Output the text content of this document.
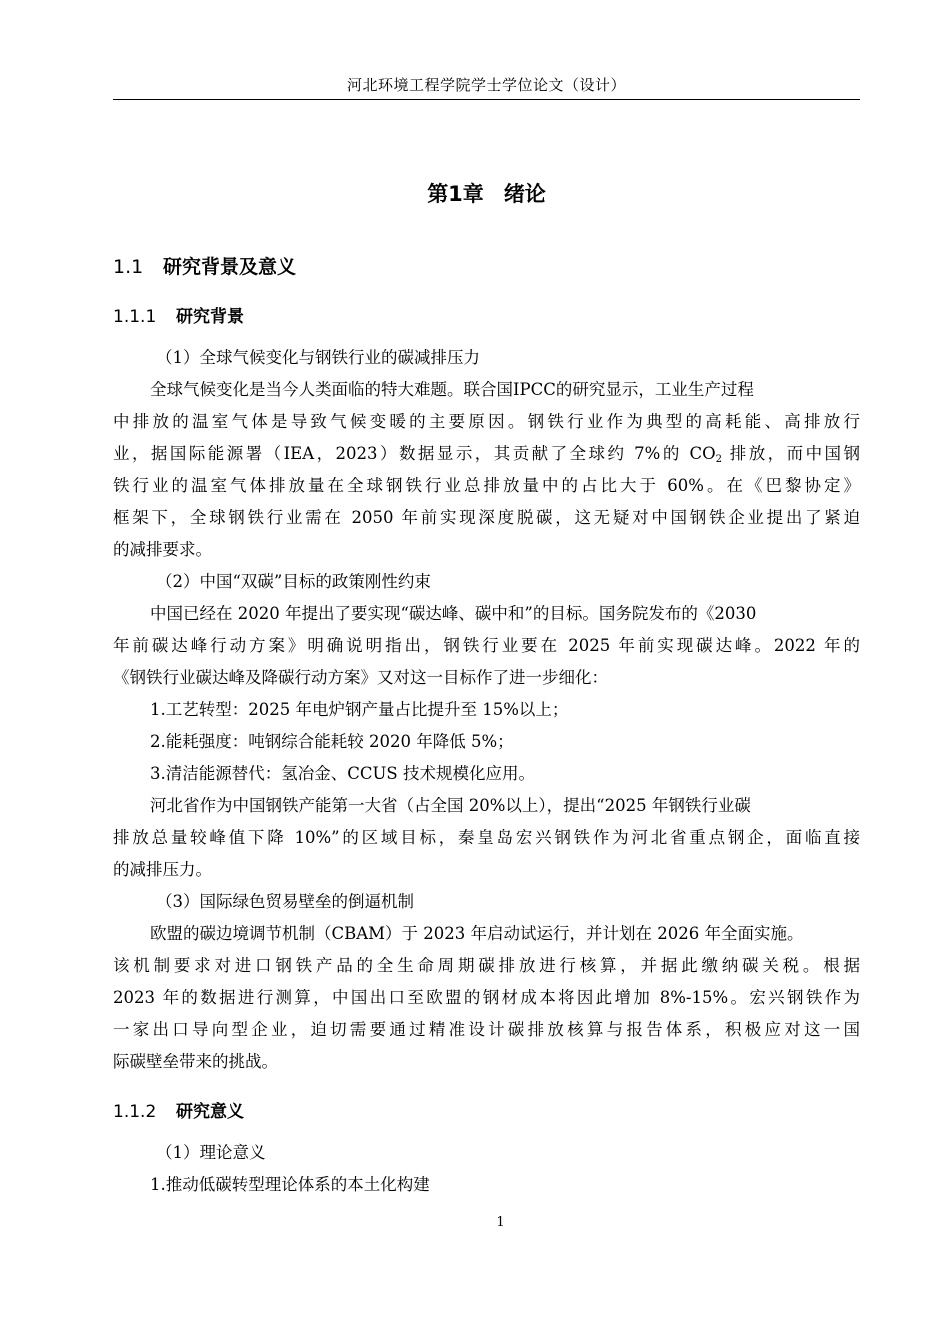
河北环境工程学院学士学位论文（设计）
第1章 绪论
1.1 研究背景及意义
1.1.1 研究背景
（1）全球气候变化与钢铁行业的碳减排压力
全球气候变化是当今人类面临的特大难题。联合国IPCC的研究显示，工业生产过程
中排放的温室气体是导致气候变暖的主要原因。钢铁行业作为典型的高耗能、高排放行
业，据国际能源署（IEA，2023）数据显示，其贡献了全球约 7%的 $CO_2$ 排放，而中国钢
铁行业的温室气体排放量在全球钢铁行业总排放量中的占比大于 60%。在《巴黎协定》
框架下，全球钢铁行业需在 2050 年前实现深度脱碳，这无疑对中国钢铁企业提出了紧迫
的减排要求。
（2）中国“双碳”目标的政策刚性约束
中国已经在 2020 年提出了要实现“碳达峰、碳中和”的目标。国务院发布的《2030
年前碳达峰行动方案》明确说明指出，钢铁行业要在 2025 年前实现碳达峰。2022 年的
《钢铁行业碳达峰及降碳行动方案》又对这一目标作了进一步细化：
1.工艺转型：2025 年电炉钢产量占比提升至 15%以上；
2.能耗强度：吨钢综合能耗较 2020 年降低 5%；
3.清洁能源替代：氢冶金、CCUS 技术规模化应用。
河北省作为中国钢铁产能第一大省（占全国 20%以上），提出“2025 年钢铁行业碳
排放总量较峰值下降 10%”的区域目标，秦皇岛宏兴钢铁作为河北省重点钢企，面临直接
的减排压力。
（3）国际绿色贸易壁垒的倒逼机制
欧盟的碳边境调节机制（CBAM）于 2023 年启动试运行，并计划在 2026 年全面实施。
该机制要求对进口钢铁产品的全生命周期碳排放进行核算，并据此缴纳碳关税。根据
2023 年的数据进行测算，中国出口至欧盟的钢材成本将因此增加 8%-15%。宏兴钢铁作为
一家出口导向型企业，迫切需要通过精准设计碳排放核算与报告体系，积极应对这一国
际碳壁垒带来的挑战。
1.1.2 研究意义
（1）理论意义
1.推动低碳转型理论体系的本土化构建
1
